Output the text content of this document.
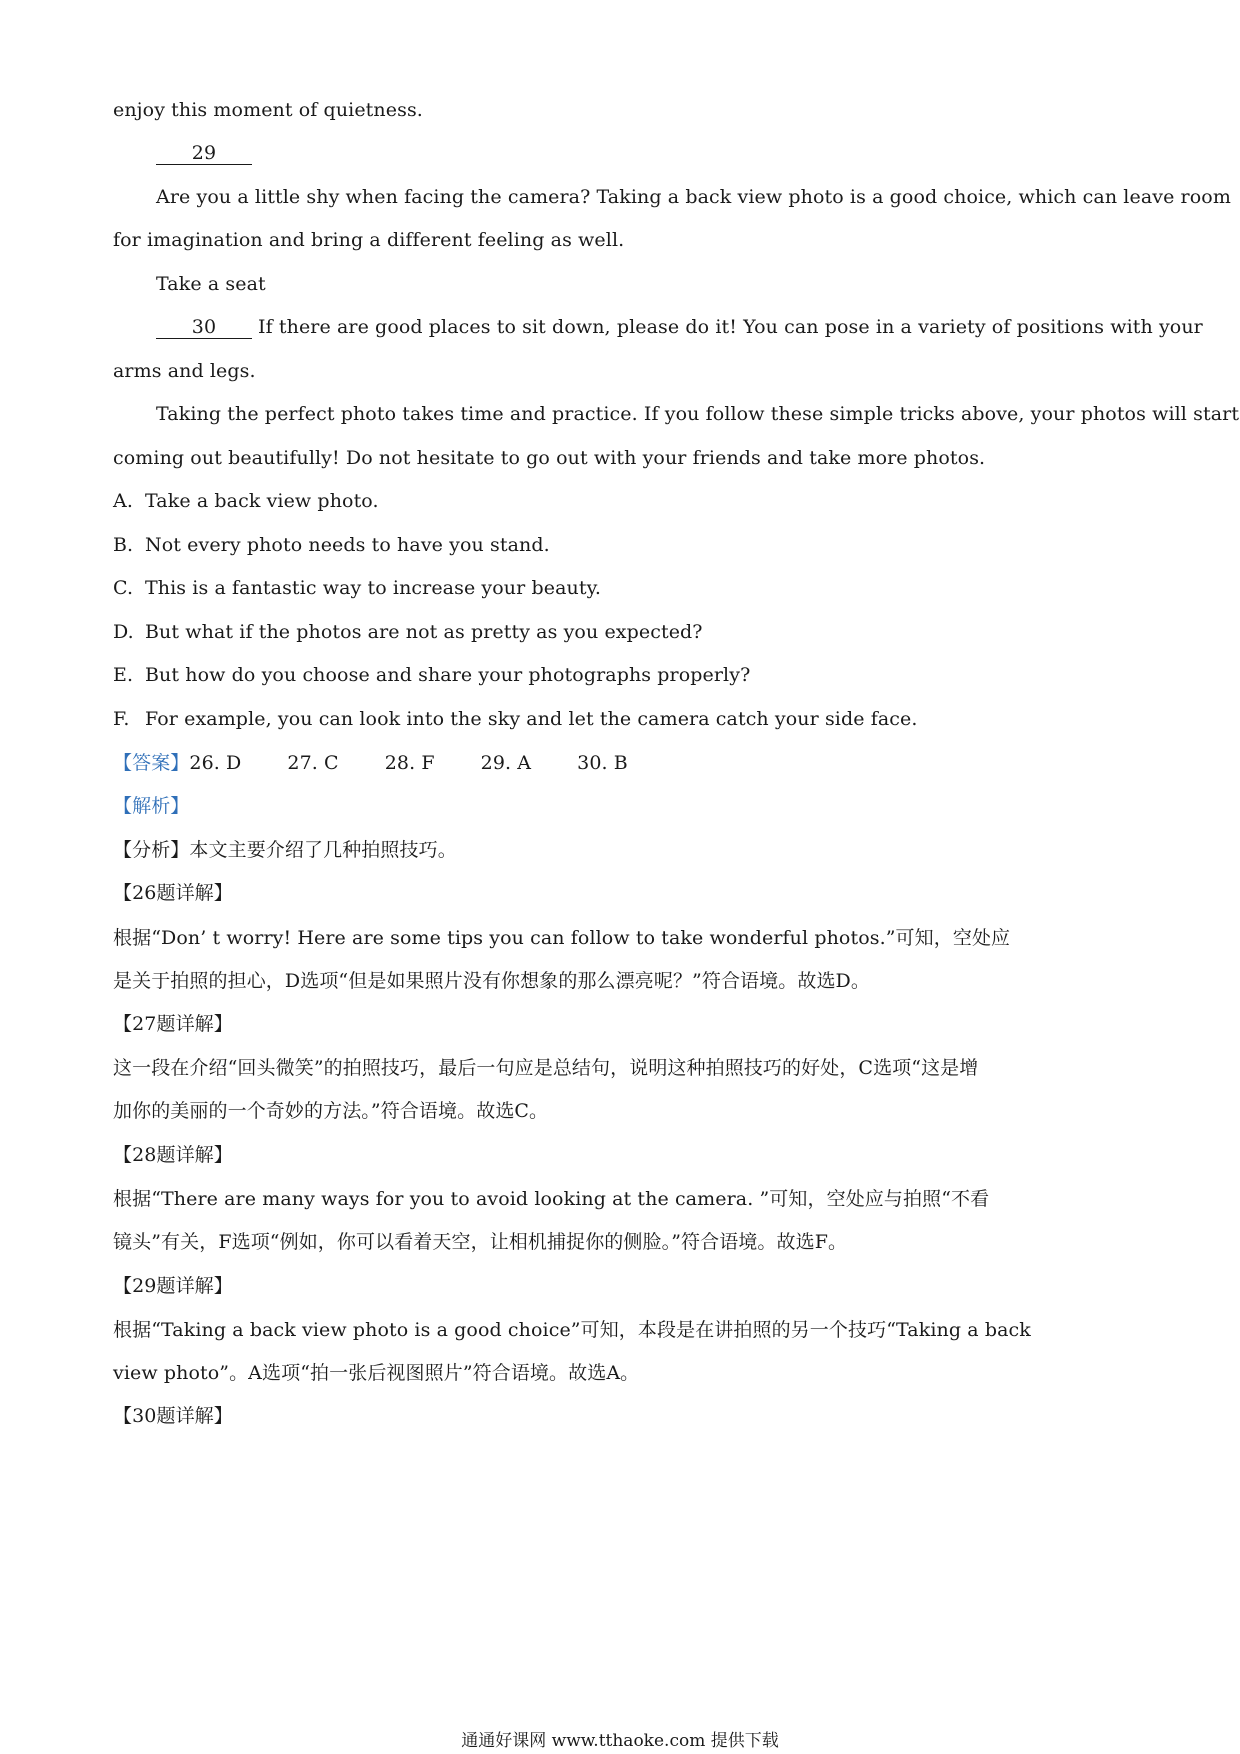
enjoy this moment of quietness.
29
Are you a little shy when facing the camera? Taking a back view photo is a good choice, which can leave room
for imagination and bring a different feeling as well.
Take a seat
30 If there are good places to sit down, please do it! You can pose in a variety of positions with your
arms and legs.
Taking the perfect photo takes time and practice. If you follow these simple tricks above, your photos will start
coming out beautifully! Do not hesitate to go out with your friends and take more photos.
A. Take a back view photo.
B. Not every photo needs to have you stand.
C. This is a fantastic way to increase your beauty.
D. But what if the photos are not as pretty as you expected?
E. But how do you choose and share your photographs properly?
F. For example, you can look into the sky and let the camera catch your side face.
【答案】26. D 27. C 28. F 29. A 30. B
【解析】
【分析】本文主要介绍了几种拍照技巧。
【26题详解】
根据“Don’ t worry! Here are some tips you can follow to take wonderful photos.”可知，空处应
是关于拍照的担心，D选项“但是如果照片没有你想象的那么漂亮呢？”符合语境。故选D。
【27题详解】
这一段在介绍“回头微笑”的拍照技巧，最后一句应是总结句，说明这种拍照技巧的好处，C选项“这是增
加你的美丽的一个奇妙的方法。”符合语境。故选C。
【28题详解】
根据“There are many ways for you to avoid looking at the camera. ”可知，空处应与拍照“不看
镜头”有关，F选项“例如，你可以看着天空，让相机捕捉你的侧脸。”符合语境。故选F。
【29题详解】
根据“Taking a back view photo is a good choice”可知，本段是在讲拍照的另一个技巧“Taking a back
view photo”。A选项“拍一张后视图照片”符合语境。故选A。
【30题详解】
通通好课网 www.tthaoke.com 提供下载
